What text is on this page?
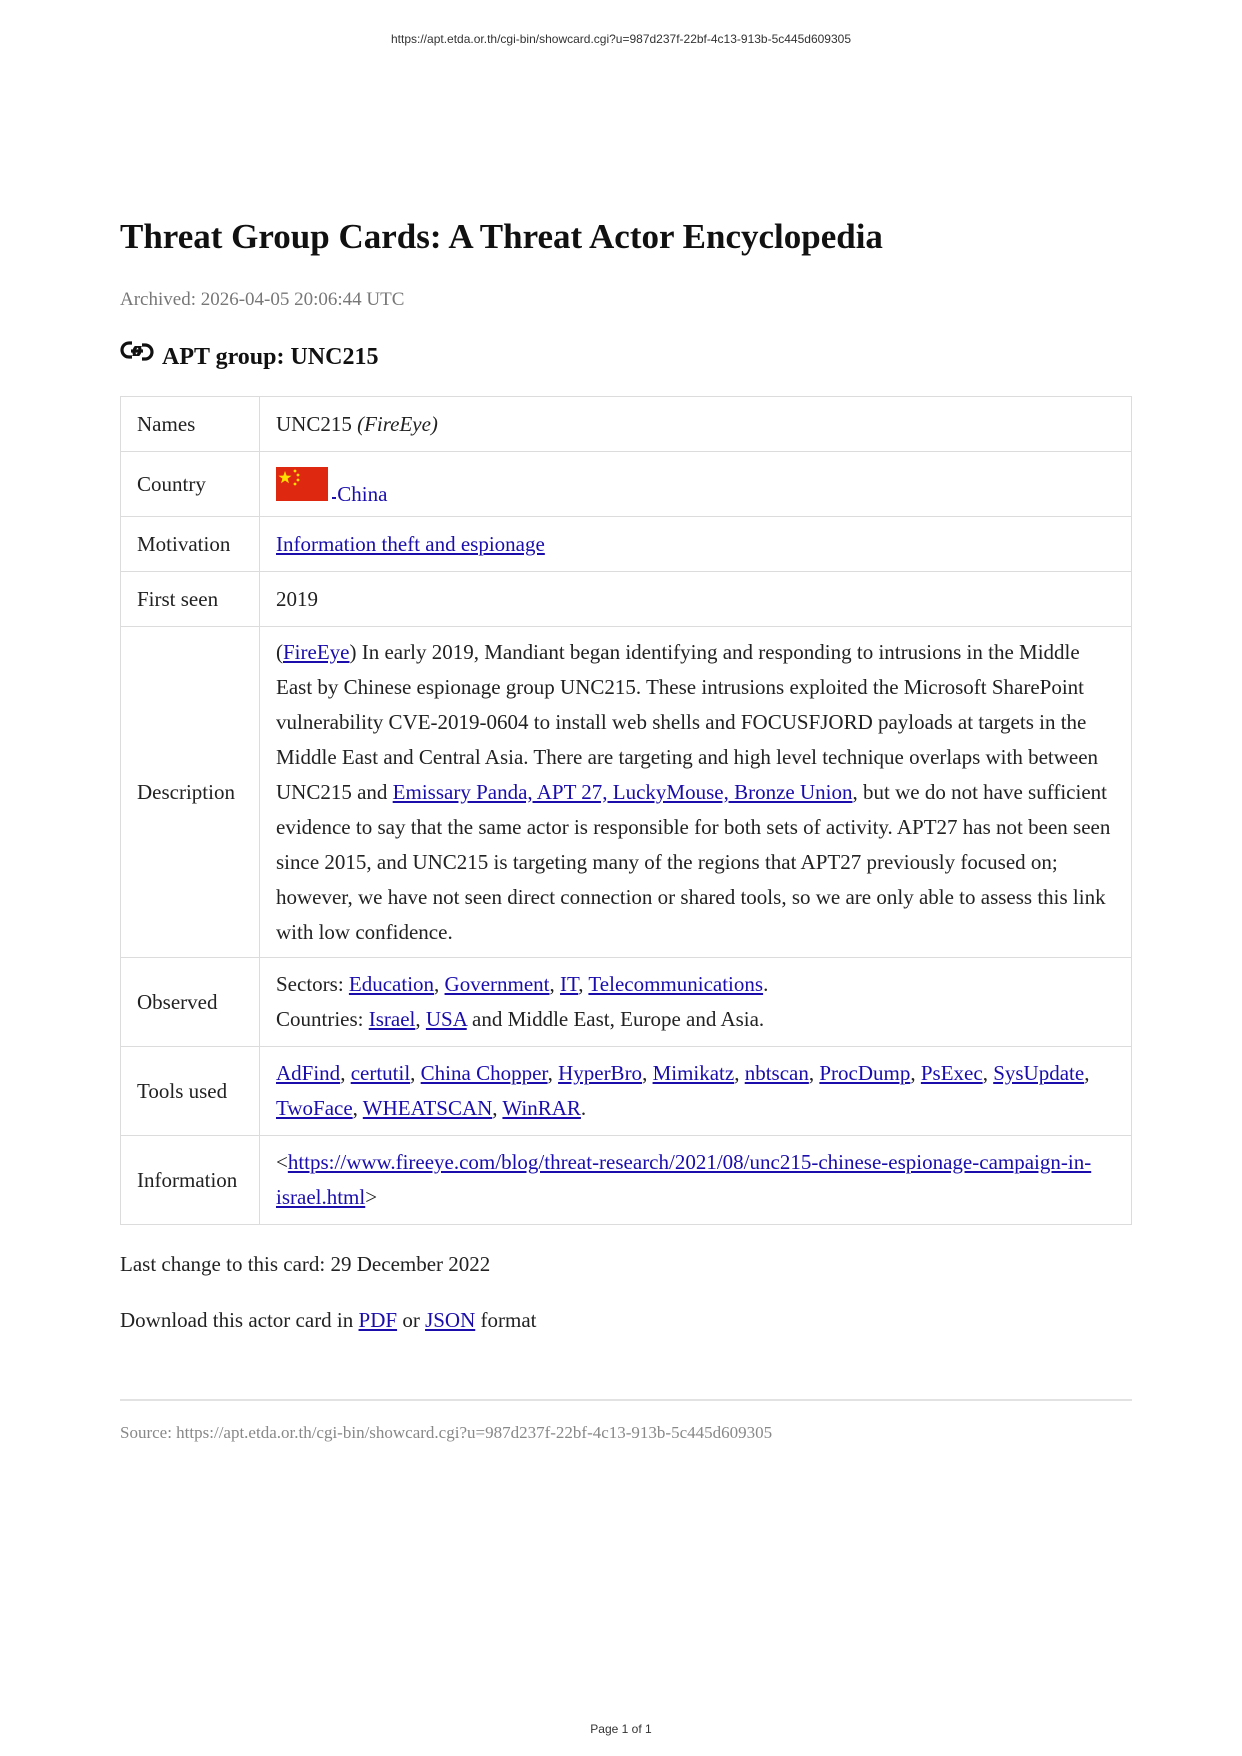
https://apt.etda.or.th/cgi-bin/showcard.cgi?u=987d237f-22bf-4c13-913b-5c445d609305
Threat Group Cards: A Threat Actor Encyclopedia
Archived: 2026-04-05 20:06:44 UTC
APT group: UNC215
Names	UNC215 (FireEye)
Country	China
Motivation	Information theft and espionage
First seen	2019
Description	(FireEye) In early 2019, Mandiant began identifying and responding to intrusions in the Middle East by Chinese espionage group UNC215. These intrusions exploited the Microsoft SharePoint vulnerability CVE-2019-0604 to install web shells and FOCUSFJORD payloads at targets in the Middle East and Central Asia. There are targeting and high level technique overlaps with between UNC215 and Emissary Panda, APT 27, LuckyMouse, Bronze Union, but we do not have sufficient evidence to say that the same actor is responsible for both sets of activity. APT27 has not been seen since 2015, and UNC215 is targeting many of the regions that APT27 previously focused on; however, we have not seen direct connection or shared tools, so we are only able to assess this link with low confidence.
Observed	Sectors: Education, Government, IT, Telecommunications.
Countries: Israel, USA and Middle East, Europe and Asia.

Tools used	AdFind, certutil, China Chopper, HyperBro, Mimikatz, nbtscan, ProcDump, PsExec, SysUpdate, TwoFace, WHEATSCAN, WinRAR.
Information	<https://www.fireeye.com/blog/threat-research/2021/08/unc215-chinese-espionage-campaign-in-israel.html>
Last change to this card: 29 December 2022
Download this actor card in PDF or JSON format
Source: https://apt.etda.or.th/cgi-bin/showcard.cgi?u=987d237f-22bf-4c13-913b-5c445d609305
Page 1 of 1
